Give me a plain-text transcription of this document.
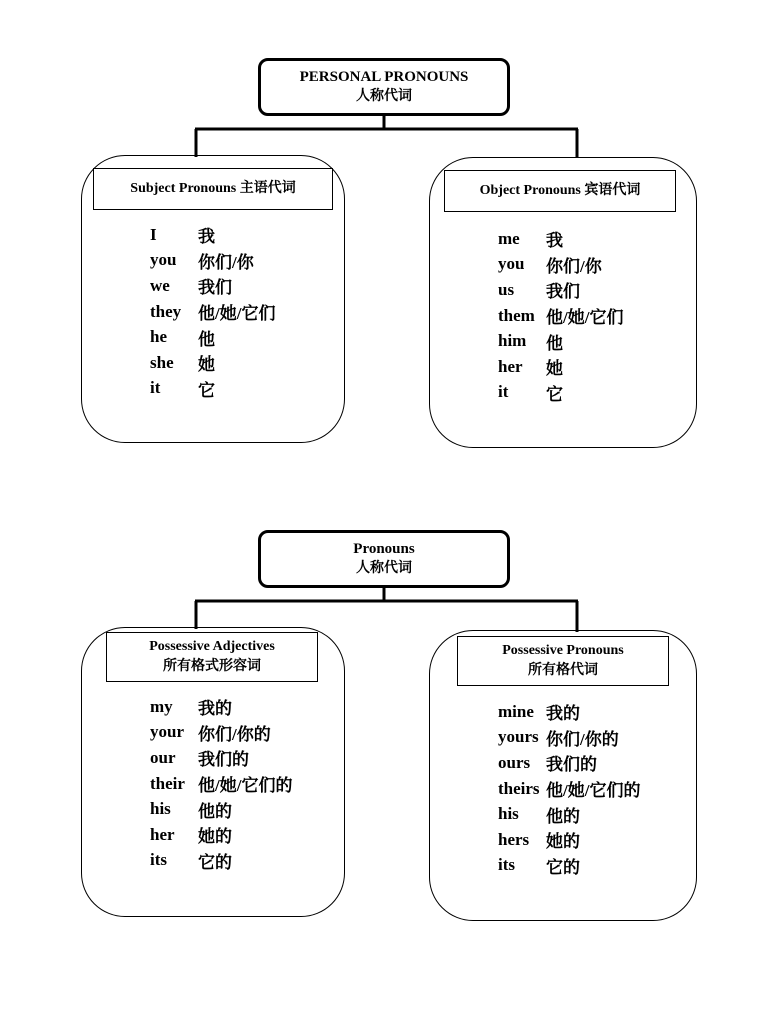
PERSONAL PRONOUNS
人称代词
Subject Pronouns 主语代词
I	我
you	你们/你
we	我们
they 他/她/它们
he	他
she	她
it	它
Object Pronouns 宾语代词
me	我
you	你们/你
us	我们
them 他/她/它们
him	他
her	她
it	它
Pronouns
人称代词
Possessive Adjectives
所有格式形容词
my	我的
your 你们/你的
our	我们的
their 他/她/它们的
his	他的
her	她的
its	它的
Possessive Pronouns
所有格代词
mine 我的
yours 你们/你的
ours 我们的
theirs 他/她/它们的
his	他的
hers 她的
its	它的
